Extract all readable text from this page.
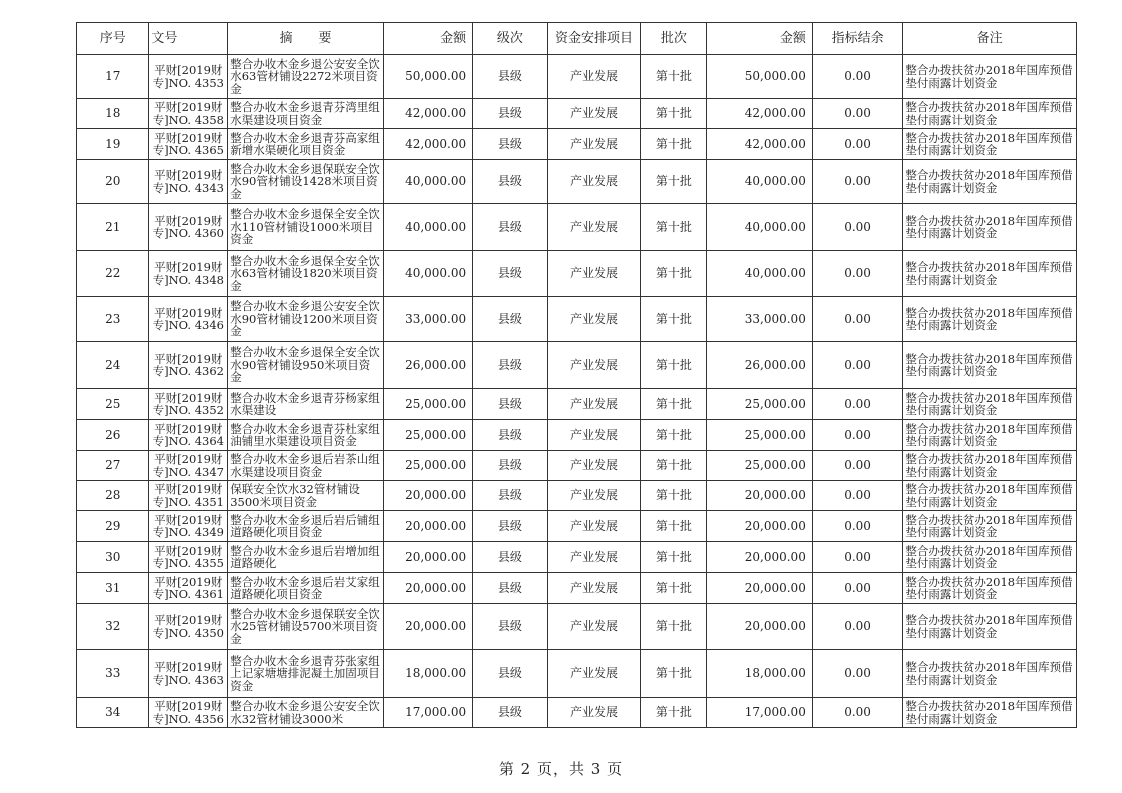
序号	文号	摘　　要	金额	级次	资金安排项目	批次	金额	指标结余	备注
17	平财[2019财专]NO. 4353	整合办收木金乡退公安安全饮水63管材铺设2272米项目资金	50,000.00	县级	产业发展	第十批	50,000.00	0.00	整合办拨扶贫办2018年国库预借垫付雨露计划资金
18	平财[2019财专]NO. 4358	整合办收木金乡退青芬湾里组水渠建设项目资金	42,000.00	县级	产业发展	第十批	42,000.00	0.00	整合办拨扶贫办2018年国库预借垫付雨露计划资金
19	平财[2019财专]NO. 4365	整合办收木金乡退青芬高家组新增水渠硬化项目资金	42,000.00	县级	产业发展	第十批	42,000.00	0.00	整合办拨扶贫办2018年国库预借垫付雨露计划资金
20	平财[2019财专]NO. 4343	整合办收木金乡退保联安全饮水90管材铺设1428米项目资金	40,000.00	县级	产业发展	第十批	40,000.00	0.00	整合办拨扶贫办2018年国库预借垫付雨露计划资金
21	平财[2019财专]NO. 4360	整合办收木金乡退保全安全饮水110管材铺设1000米项目资金	40,000.00	县级	产业发展	第十批	40,000.00	0.00	整合办拨扶贫办2018年国库预借垫付雨露计划资金
22	平财[2019财专]NO. 4348	整合办收木金乡退保全安全饮水63管材铺设1820米项目资金	40,000.00	县级	产业发展	第十批	40,000.00	0.00	整合办拨扶贫办2018年国库预借垫付雨露计划资金
23	平财[2019财专]NO. 4346	整合办收木金乡退公安安全饮水90管材铺设1200米项目资金	33,000.00	县级	产业发展	第十批	33,000.00	0.00	整合办拨扶贫办2018年国库预借垫付雨露计划资金
24	平财[2019财专]NO. 4362	整合办收木金乡退保全安全饮水90管材铺设950米项目资金	26,000.00	县级	产业发展	第十批	26,000.00	0.00	整合办拨扶贫办2018年国库预借垫付雨露计划资金
25	平财[2019财专]NO. 4352	整合办收木金乡退青芬杨家组水渠建设	25,000.00	县级	产业发展	第十批	25,000.00	0.00	整合办拨扶贫办2018年国库预借垫付雨露计划资金
26	平财[2019财专]NO. 4364	整合办收木金乡退青芬杜家组油铺里水渠建设项目资金	25,000.00	县级	产业发展	第十批	25,000.00	0.00	整合办拨扶贫办2018年国库预借垫付雨露计划资金
27	平财[2019财专]NO. 4347	整合办收木金乡退后岩茶山组水渠建设项目资金	25,000.00	县级	产业发展	第十批	25,000.00	0.00	整合办拨扶贫办2018年国库预借垫付雨露计划资金
28	平财[2019财专]NO. 4351	保联安全饮水32管材铺设3500米项目资金	20,000.00	县级	产业发展	第十批	20,000.00	0.00	整合办拨扶贫办2018年国库预借垫付雨露计划资金
29	平财[2019财专]NO. 4349	整合办收木金乡退后岩后铺组道路硬化项目资金	20,000.00	县级	产业发展	第十批	20,000.00	0.00	整合办拨扶贫办2018年国库预借垫付雨露计划资金
30	平财[2019财专]NO. 4355	整合办收木金乡退后岩增加组道路硬化	20,000.00	县级	产业发展	第十批	20,000.00	0.00	整合办拨扶贫办2018年国库预借垫付雨露计划资金
31	平财[2019财专]NO. 4361	整合办收木金乡退后岩艾家组道路硬化项目资金	20,000.00	县级	产业发展	第十批	20,000.00	0.00	整合办拨扶贫办2018年国库预借垫付雨露计划资金
32	平财[2019财专]NO. 4350	整合办收木金乡退保联安全饮水25管材铺设5700米项目资金	20,000.00	县级	产业发展	第十批	20,000.00	0.00	整合办拨扶贫办2018年国库预借垫付雨露计划资金
33	平财[2019财专]NO. 4363	整合办收木金乡退青芬张家组上记家塘塘排泥凝土加固项目资金	18,000.00	县级	产业发展	第十批	18,000.00	0.00	整合办拨扶贫办2018年国库预借垫付雨露计划资金
34	平财[2019财专]NO. 4356	整合办收木金乡退公安安全饮水32管材铺设3000米	17,000.00	县级	产业发展	第十批	17,000.00	0.00	整合办拨扶贫办2018年国库预借垫付雨露计划资金
第 2 页，共 3 页
